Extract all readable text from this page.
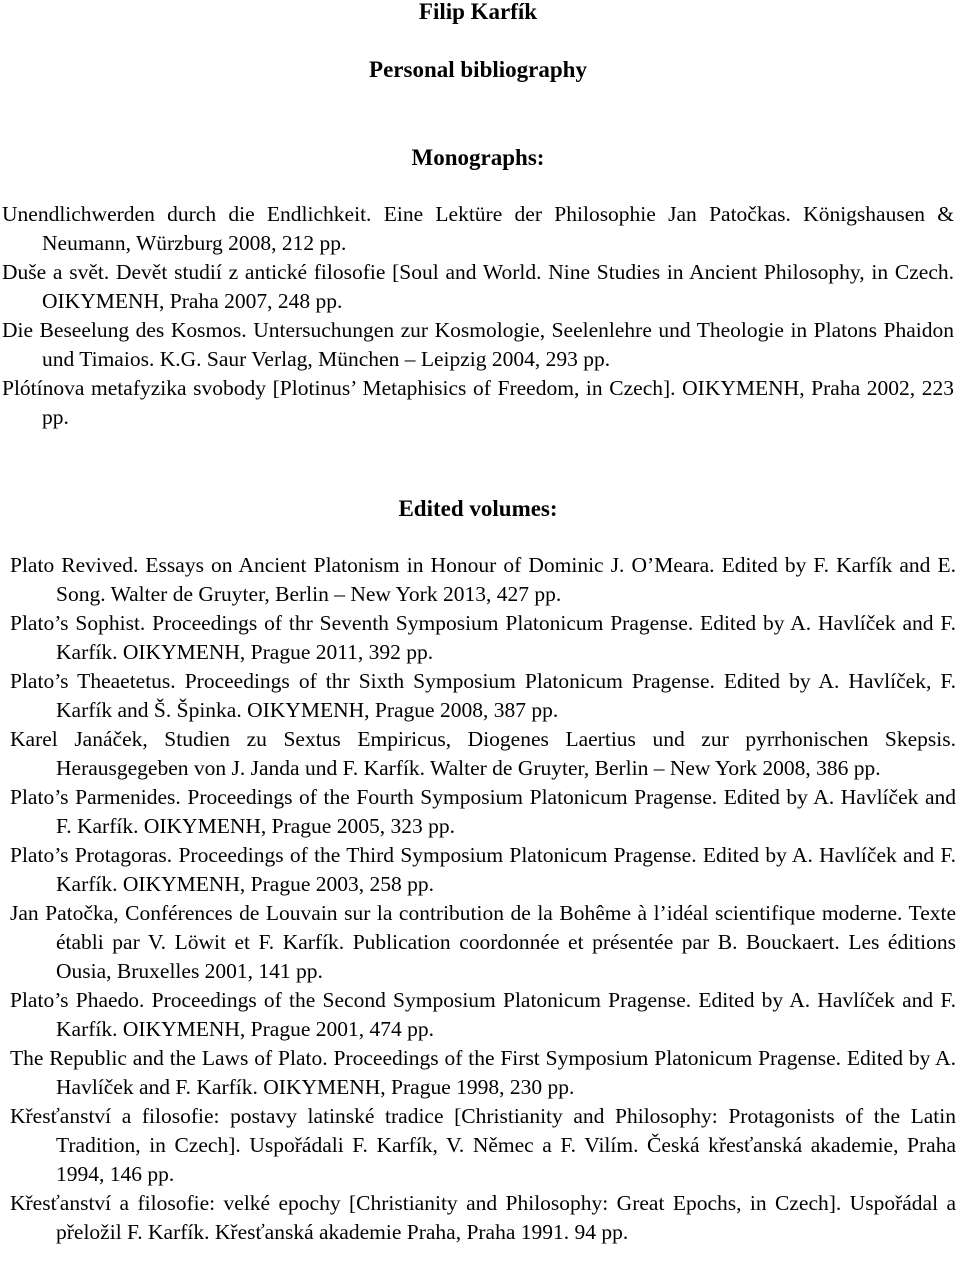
Filip Karfík
Personal bibliography
Monographs:
Unendlichwerden durch die Endlichkeit. Eine Lektüre der Philosophie Jan Patočkas. Königshausen & Neumann, Würzburg 2008, 212 pp.
Duše a svět. Devět studií z antické filosofie [Soul and World. Nine Studies in Ancient Philosophy, in Czech. OIKYMENH, Praha 2007, 248 pp.
Die Beseelung des Kosmos. Untersuchungen zur Kosmologie, Seelenlehre und Theologie in Platons Phaidon und Timaios. K.G. Saur Verlag, München – Leipzig 2004, 293 pp.
Plótínova metafyzika svobody [Plotinus’ Metaphisics of Freedom, in Czech]. OIKYMENH, Praha 2002, 223 pp.
Edited volumes:
Plato Revived. Essays on Ancient Platonism in Honour of Dominic J. O’Meara. Edited by F. Karfík and E. Song. Walter de Gruyter, Berlin – New York 2013, 427 pp.
Plato’s Sophist. Proceedings of thr Seventh Symposium Platonicum Pragense. Edited by A. Havlíček and F. Karfík. OIKYMENH, Prague 2011, 392 pp.
Plato’s Theaetetus. Proceedings of thr Sixth Symposium Platonicum Pragense. Edited by A. Havlíček, F. Karfík and Š. Špinka. OIKYMENH, Prague 2008, 387 pp.
Karel Janáček, Studien zu Sextus Empiricus, Diogenes Laertius und zur pyrrhonischen Skepsis. Herausgegeben von J. Janda und F. Karfík. Walter de Gruyter, Berlin – New York 2008, 386 pp.
Plato’s Parmenides. Proceedings of the Fourth Symposium Platonicum Pragense. Edited by A. Havlíček and F. Karfík. OIKYMENH, Prague 2005, 323 pp.
Plato’s Protagoras. Proceedings of the Third Symposium Platonicum Pragense. Edited by A. Havlíček and F. Karfík. OIKYMENH, Prague 2003, 258 pp.
Jan Patočka, Conférences de Louvain sur la contribution de la Bohême à l’idéal scientifique moderne. Texte établi par V. Löwit et F. Karfík. Publication coordonnée et présentée par B. Bouckaert. Les éditions Ousia, Bruxelles 2001, 141 pp.
Plato’s Phaedo. Proceedings of the Second Symposium Platonicum Pragense. Edited by A. Havlíček and F. Karfík. OIKYMENH, Prague 2001, 474 pp.
The Republic and the Laws of Plato. Proceedings of the First Symposium Platonicum Pragense. Edited by A. Havlíček and F. Karfík. OIKYMENH, Prague 1998, 230 pp.
Křesťanství a filosofie: postavy latinské tradice [Christianity and Philosophy: Protagonists of the Latin Tradition, in Czech]. Uspořádali F. Karfík, V. Němec a F. Vilím. Česká křesťanská akademie, Praha 1994, 146 pp.
Křesťanství a filosofie: velké epochy [Christianity and Philosophy: Great Epochs, in Czech]. Uspořádal a přeložil F. Karfík. Křesťanská akademie Praha, Praha 1991. 94 pp.
